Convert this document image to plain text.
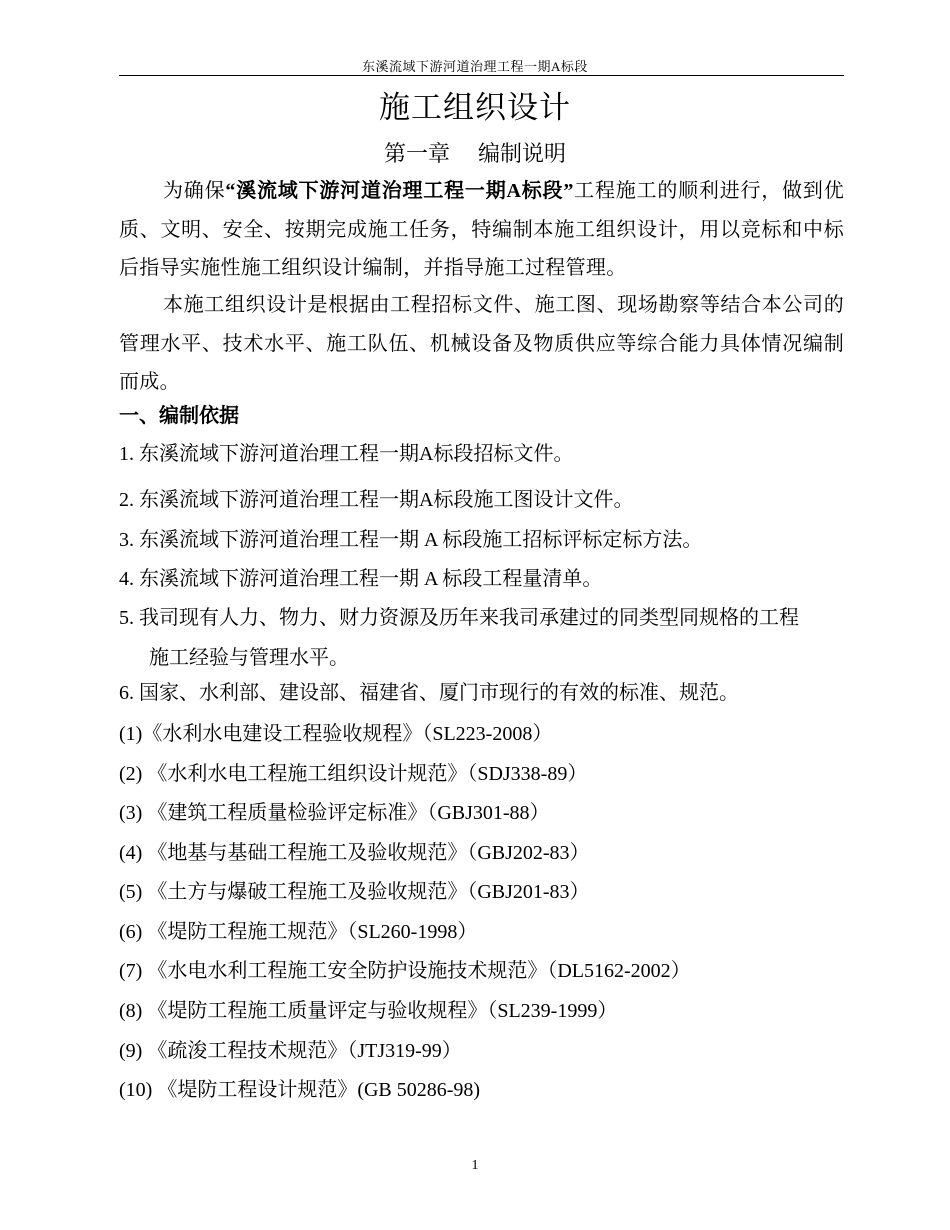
东溪流域下游河道治理工程一期A标段
施工组织设计
第一章    编制说明
为确保“溪流域下游河道治理工程一期A标段”工程施工的顺利进行，做到优质、文明、安全、按期完成施工任务，特编制本施工组织设计，用以竞标和中标后指导实施性施工组织设计编制，并指导施工过程管理。
本施工组织设计是根据由工程招标文件、施工图、现场勘察等结合本公司的管理水平、技术水平、施工队伍、机械设备及物质供应等综合能力具体情况编制而成。
一、编制依据
1. 东溪流域下游河道治理工程一期A标段招标文件。
2. 东溪流域下游河道治理工程一期A标段施工图设计文件。
3. 东溪流域下游河道治理工程一期 A 标段施工招标评标定标方法。
4. 东溪流域下游河道治理工程一期 A 标段工程量清单。
5. 我司现有人力、物力、财力资源及历年来我司承建过的同类型同规格的工程
施工经验与管理水平。
6. 国家、水利部、建设部、福建省、厦门市现行的有效的标准、规范。
(1)《水利水电建设工程验收规程》（SL223-2008）
(2) 《水利水电工程施工组织设计规范》（SDJ338-89）
(3) 《建筑工程质量检验评定标准》（GBJ301-88）
(4) 《地基与基础工程施工及验收规范》（GBJ202-83）
(5) 《土方与爆破工程施工及验收规范》（GBJ201-83）
(6) 《堤防工程施工规范》（SL260-1998）
(7) 《水电水利工程施工安全防护设施技术规范》（DL5162-2002）
(8) 《堤防工程施工质量评定与验收规程》（SL239-1999）
(9) 《疏浚工程技术规范》（JTJ319-99）
(10) 《堤防工程设计规范》(GB 50286-98)
1
